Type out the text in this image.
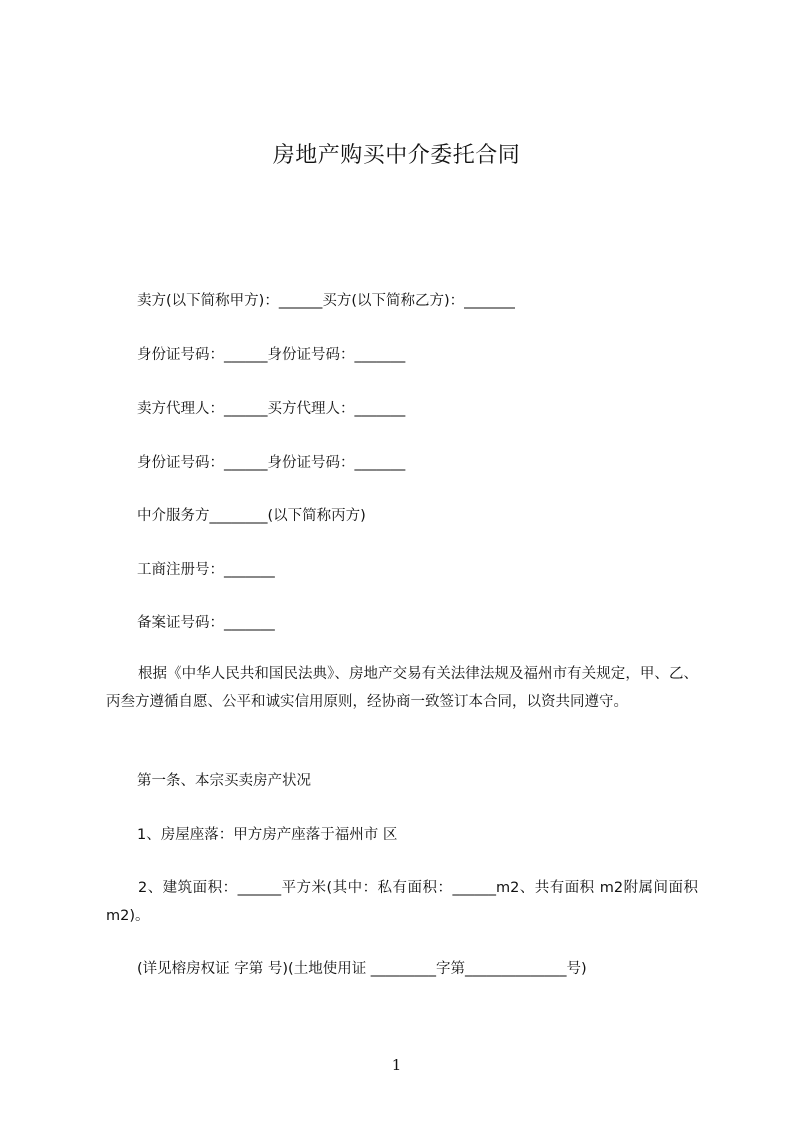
房地产购买中介委托合同
卖方(以下简称甲方)：______买方(以下简称乙方)：_______
身份证号码：______身份证号码：_______
卖方代理人：______买方代理人：_______
身份证号码：______身份证号码：_______
中介服务方________(以下简称丙方)
工商注册号：_______
备案证号码：_______
根据《中华人民共和国民法典》、房地产交易有关法律法规及福州市有关规定，甲、乙、丙叁方遵循自愿、公平和诚实信用原则，经协商一致签订本合同，以资共同遵守。
第一条、本宗买卖房产状况
1、房屋座落：甲方房产座落于福州市 区
2、建筑面积：______平方米(其中：私有面积：______m2、共有面积 m2附属间面积 m2)。
(详见榕房权证 字第 号)(土地使用证 _________字第______________号)
1
